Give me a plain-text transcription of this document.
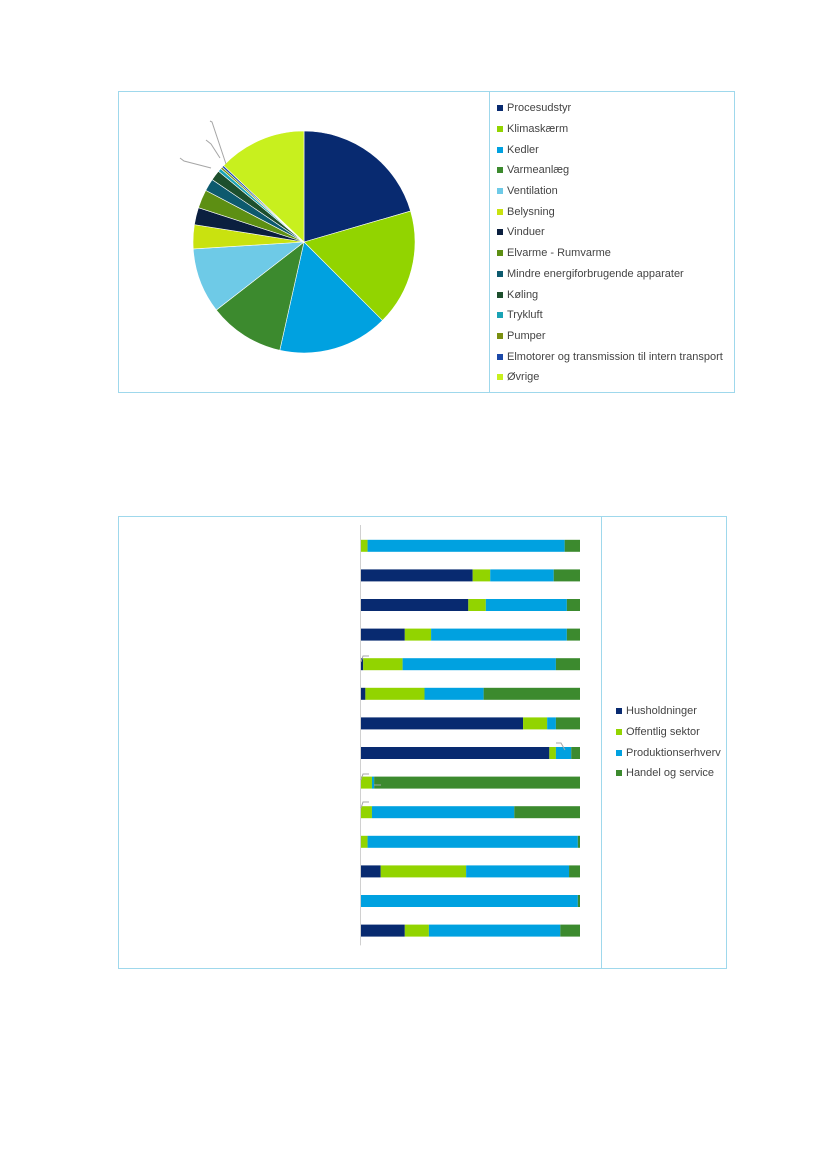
Procesudstyr
Klimaskærm
Kedler
Varmeanlæg
Ventilation
Belysning
Vinduer
Elvarme - Rumvarme
Mindre energiforbrugende apparater
Køling
Trykluft
Pumper
Elmotorer og transmission til intern transport
Øvrige
Husholdninger
Offentlig sektor
Produktionserhverv
Handel og service
